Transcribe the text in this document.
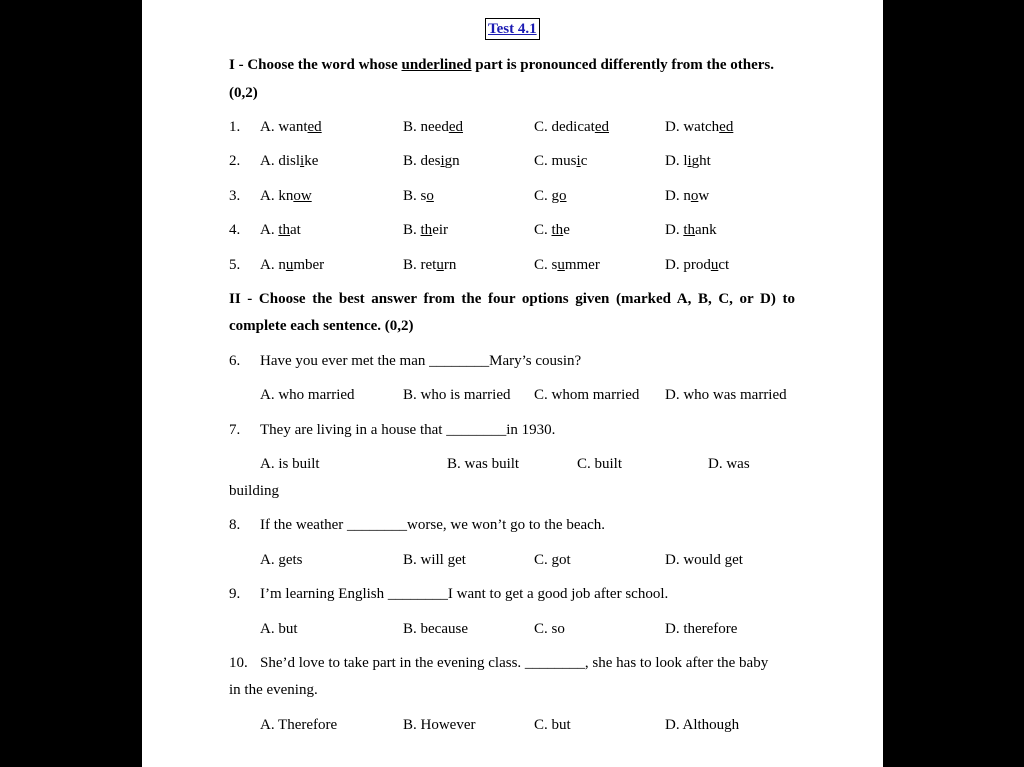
Test 4.1
I - Choose the word whose underlined part is pronounced differently from the others.
(0,2)
1. A. wanted	B. needed	C. dedicated	D. watched
2. A. dislike	B. design	C. music	D. light
3. A. know	B. so	C. go	D. now
4. A. that	B. their	C. the	D. thank
5. A. number	B. return	C. summer	D. product
II - Choose the best answer from the four options given (marked A, B, C, or D) to
complete each sentence. (0,2)
6. Have you ever met the man ________Mary’s cousin?
A. who married	B. who is married C. whom married D. who was married
7. They are living in a house that ________in 1930.
A. is built	B. was built	C. built	D. was
building
8. If the weather ________worse, we won’t go to the beach.
A. gets	B. will get	C. got	D. would get
9. I’m learning English ________I want to get a good job after school.
A. but	B. because	C. so	D. therefore
10. She’d love to take part in the evening class. ________, she has to look after the baby
in the evening.
A. Therefore	B. However	C. but	D. Although
